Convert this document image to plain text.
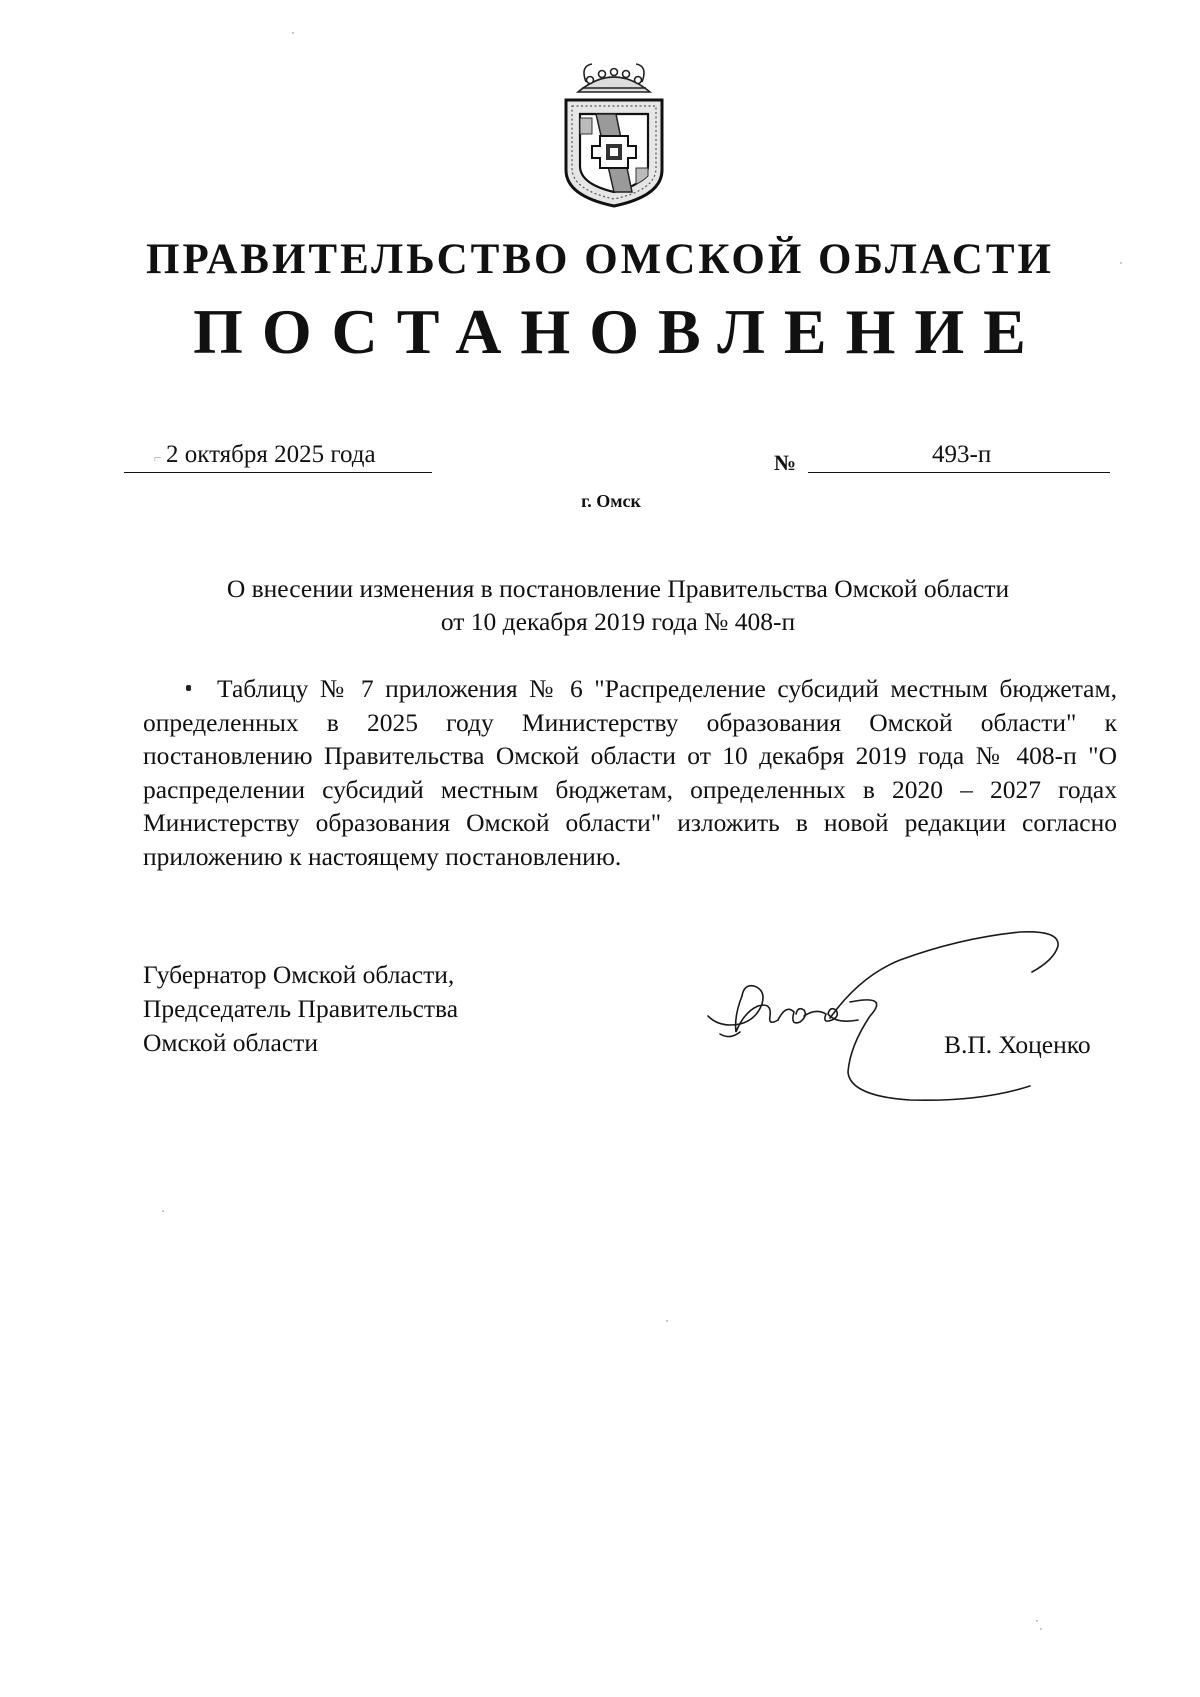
ПРАВИТЕЛЬСТВО ОМСКОЙ ОБЛАСТИ
ПОСТАНОВЛЕНИЕ
⌐ 2 октября 2025 года	№	493-п
г. Омск
О внесении изменения в постановление Правительства Омской области
от 10 декабря 2019 года № 408-п

Таблицу № 7 приложения № 6 "Распределение субсидий местным бюджетам, определенных в 2025 году Министерству образования Омской области" к постановлению Правительства Омской области от 10 декабря 2019 года № 408-п "О распределении субсидий местным бюджетам, определенных в 2020 – 2027 годах Министерству образования Омской области" изложить в новой редакции согласно приложению к настоящему постановлению.

Губернатор Омской области,
Председатель Правительства
Омской области	В.П. Хоценко
